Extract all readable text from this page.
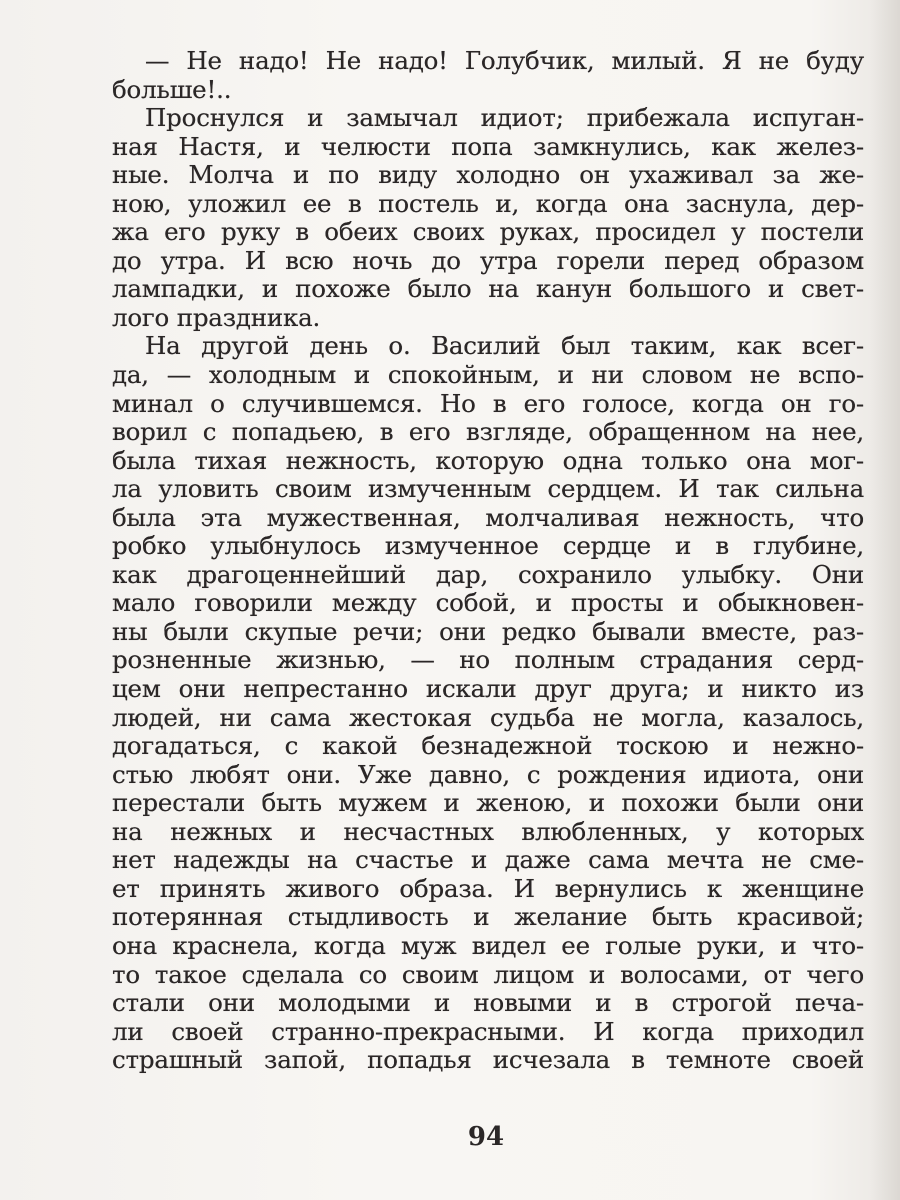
— Не надо! Не надо! Голубчик, милый. Я не буду
больше!..
Проснулся и замычал идиот; прибежала испуган-
ная Настя, и челюсти попа замкнулись, как желез-
ные. Молча и по виду холодно он ухаживал за же-
ною, уложил ее в постель и, когда она заснула, дер-
жа его руку в обеих своих руках, просидел у постели
до утра. И всю ночь до утра горели перед образом
лампадки, и похоже было на канун большого и свет-
лого праздника.
На другой день о. Василий был таким, как всег-
да, — холодным и спокойным, и ни словом не вспо-
минал о случившемся. Но в его голосе, когда он го-
ворил с попадьею, в его взгляде, обращенном на нее,
была тихая нежность, которую одна только она мог-
ла уловить своим измученным сердцем. И так сильна
была эта мужественная, молчаливая нежность, что
робко улыбнулось измученное сердце и в глубине,
как драгоценнейший дар, сохранило улыбку. Они
мало говорили между собой, и просты и обыкновен-
ны были скупые речи; они редко бывали вместе, раз-
розненные жизнью, — но полным страдания серд-
цем они непрестанно искали друг друга; и никто из
людей, ни сама жестокая судьба не могла, казалось,
догадаться, с какой безнадежной тоскою и нежно-
стью любят они. Уже давно, с рождения идиота, они
перестали быть мужем и женою, и похожи были они
на нежных и несчастных влюбленных, у которых
нет надежды на счастье и даже сама мечта не сме-
ет принять живого образа. И вернулись к женщине
потерянная стыдливость и желание быть красивой;
она краснела, когда муж видел ее голые руки, и что-
то такое сделала со своим лицом и волосами, от чего
стали они молодыми и новыми и в строгой печа-
ли своей странно-прекрасными. И когда приходил
страшный запой, попадья исчезала в темноте своей
94
